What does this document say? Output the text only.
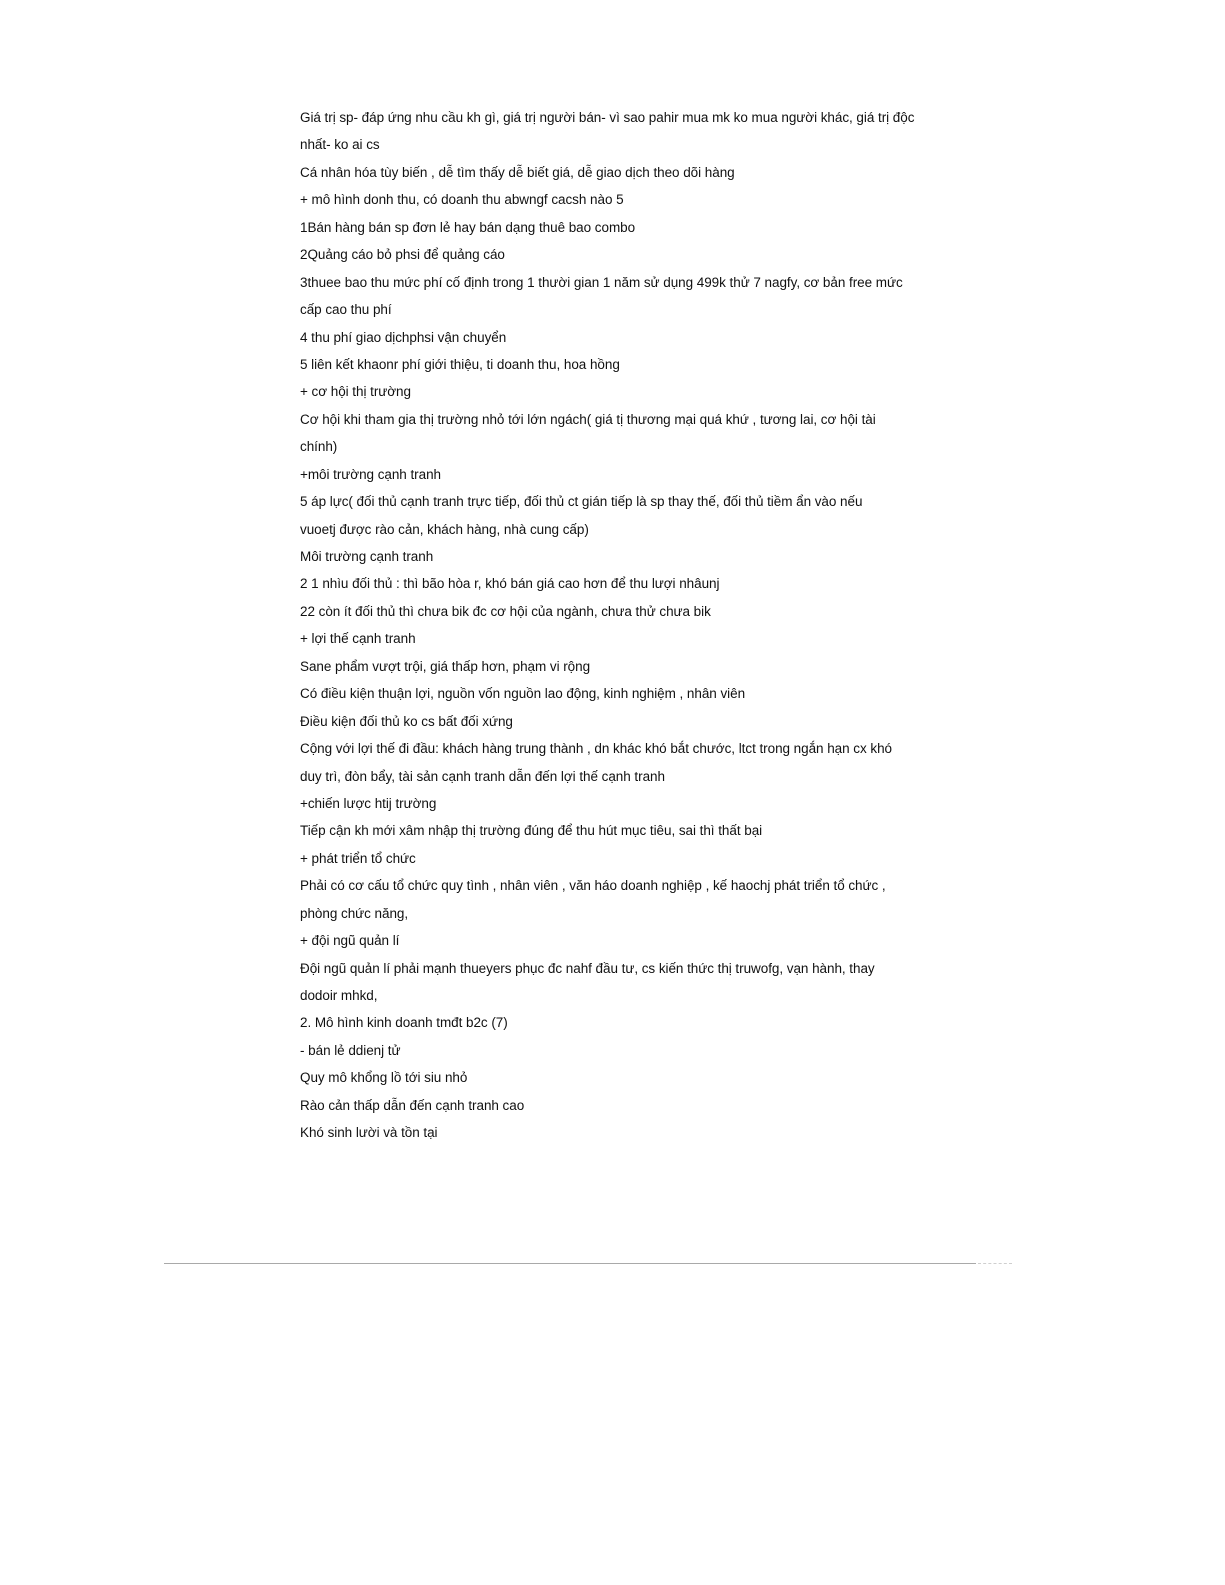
Giá trị sp- đáp ứng nhu cầu kh gì, giá trị người bán- vì sao pahir mua mk ko mua người khác, giá trị độc
nhất- ko ai cs
Cá nhân hóa tùy biến , dễ tìm thấy dễ biết giá, dễ giao dịch theo dõi hàng
+ mô hình donh thu, có doanh thu abwngf cacsh nào 5
1Bán hàng bán sp đơn lẻ hay bán dạng thuê bao combo
2Quảng cáo bỏ phsi để quảng cáo
3thuee bao thu mức phí cố định trong 1 thười gian 1 năm sử dụng 499k thử 7 nagfy, cơ bản free mức
cấp cao thu phí
4 thu phí giao dịchphsi vận chuyển
5 liên kết khaonr phí giới thiệu, ti doanh thu, hoa hồng
+ cơ hội thị trường
Cơ hội khi tham gia thị trường nhỏ tới lớn ngách( giá tị thương mại quá khứ , tương lai, cơ hội tài
chính)
+môi trường cạnh tranh
5 áp lực( đối thủ cạnh tranh trực tiếp, đối thủ ct gián tiếp là sp thay thế, đối thủ tiềm ẩn vào nếu
vuoetj được rào cản, khách hàng, nhà cung cấp)
Môi trường cạnh tranh
2 1 nhìu đối thủ : thì bão hòa r, khó bán giá cao hơn để thu lượi nhâunj
22 còn ít đối thủ thì chưa bik đc cơ hội của ngành, chưa thử chưa bik
+ lợi thế cạnh tranh
Sane phẩm vượt trội, giá thấp hơn, phạm vi rộng
Có điều kiện thuận lợi, nguồn vốn nguồn lao động, kinh nghiệm , nhân viên
Điều kiện đối thủ ko cs bất đối xứng
Cộng với lợi thế đi đầu: khách hàng trung thành , dn khác khó bắt chước, ltct trong ngắn hạn cx khó
duy trì, đòn bẩy, tài sản cạnh tranh dẫn đến lợi thế cạnh tranh
+chiến lược htij trường
Tiếp cận kh mới xâm nhập thị trường đúng để thu hút mục tiêu, sai thì thất bại
+ phát triển tổ chức
Phải có cơ cấu tổ chức quy tình , nhân viên , văn háo doanh nghiệp , kế haochj phát triển tổ chức ,
phòng chức năng,
+ đội ngũ quản lí
Đội ngũ quản lí phải mạnh thueyers phục đc nahf đầu tư, cs kiến thức thị truwofg, vạn hành, thay
dodoir mhkd,
2. Mô hình kinh doanh tmđt b2c (7)
- bán lẻ ddienj tử
Quy mô khổng lồ tới siu nhỏ
Rào cản thấp dẫn đến cạnh tranh cao
Khó sinh lười và tồn tại
